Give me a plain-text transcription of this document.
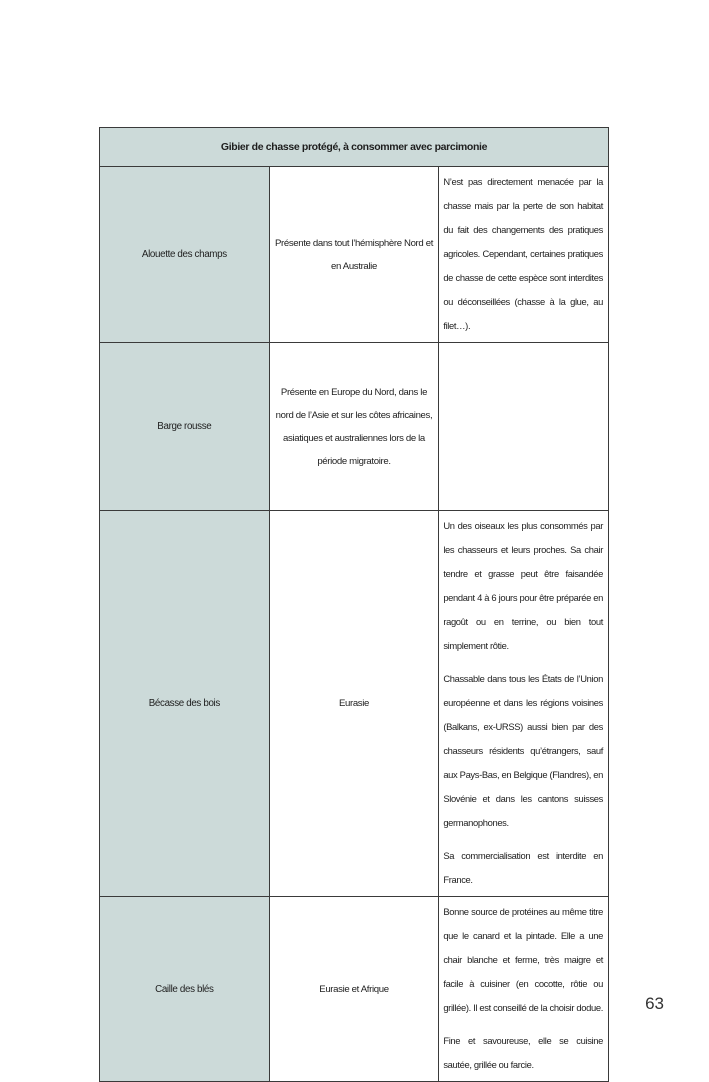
Gibier de chasse protégé, à consommer avec parcimonie		
Alouette des champs	Présente dans tout l’hémisphère Nord et en Australie	N’est pas directement menacée par la chasse mais par la perte de son habitat du fait des changements des pratiques agricoles. Cependant, certaines pratiques de chasse de cette espèce sont interdites ou déconseillées (chasse à la glue, au filet…).

Barge rousse	Présente en Europe du Nord, dans le nord de l’Asie et sur les côtes africaines, asiatiques et australiennes lors de la période migratoire.	
Bécasse des bois	Eurasie	Un des oiseaux les plus consommés par les chasseurs et leurs proches. Sa chair tendre et grasse peut être faisandée pendant 4 à 6 jours pour être préparée en ragoût ou en terrine, ou bien tout simplement rôtie.

Chassable dans tous les États de l’Union européenne et dans les régions voisines (Balkans, ex-URSS) aussi bien par des chasseurs résidents qu’étrangers, sauf aux Pays-Bas, en Belgique (Flandres), en Slovénie et dans les cantons suisses germanophones.

Sa commercialisation est interdite en France.

Caille des blés	Eurasie et Afrique	Bonne source de protéines au même titre que le canard et la pintade. Elle a une chair blanche et ferme, très maigre et facile à cuisiner (en cocotte, rôtie ou grillée). Il est conseillé de la choisir dodue.

Fine et savoureuse, elle se cuisine sautée, grillée ou farcie.

63
